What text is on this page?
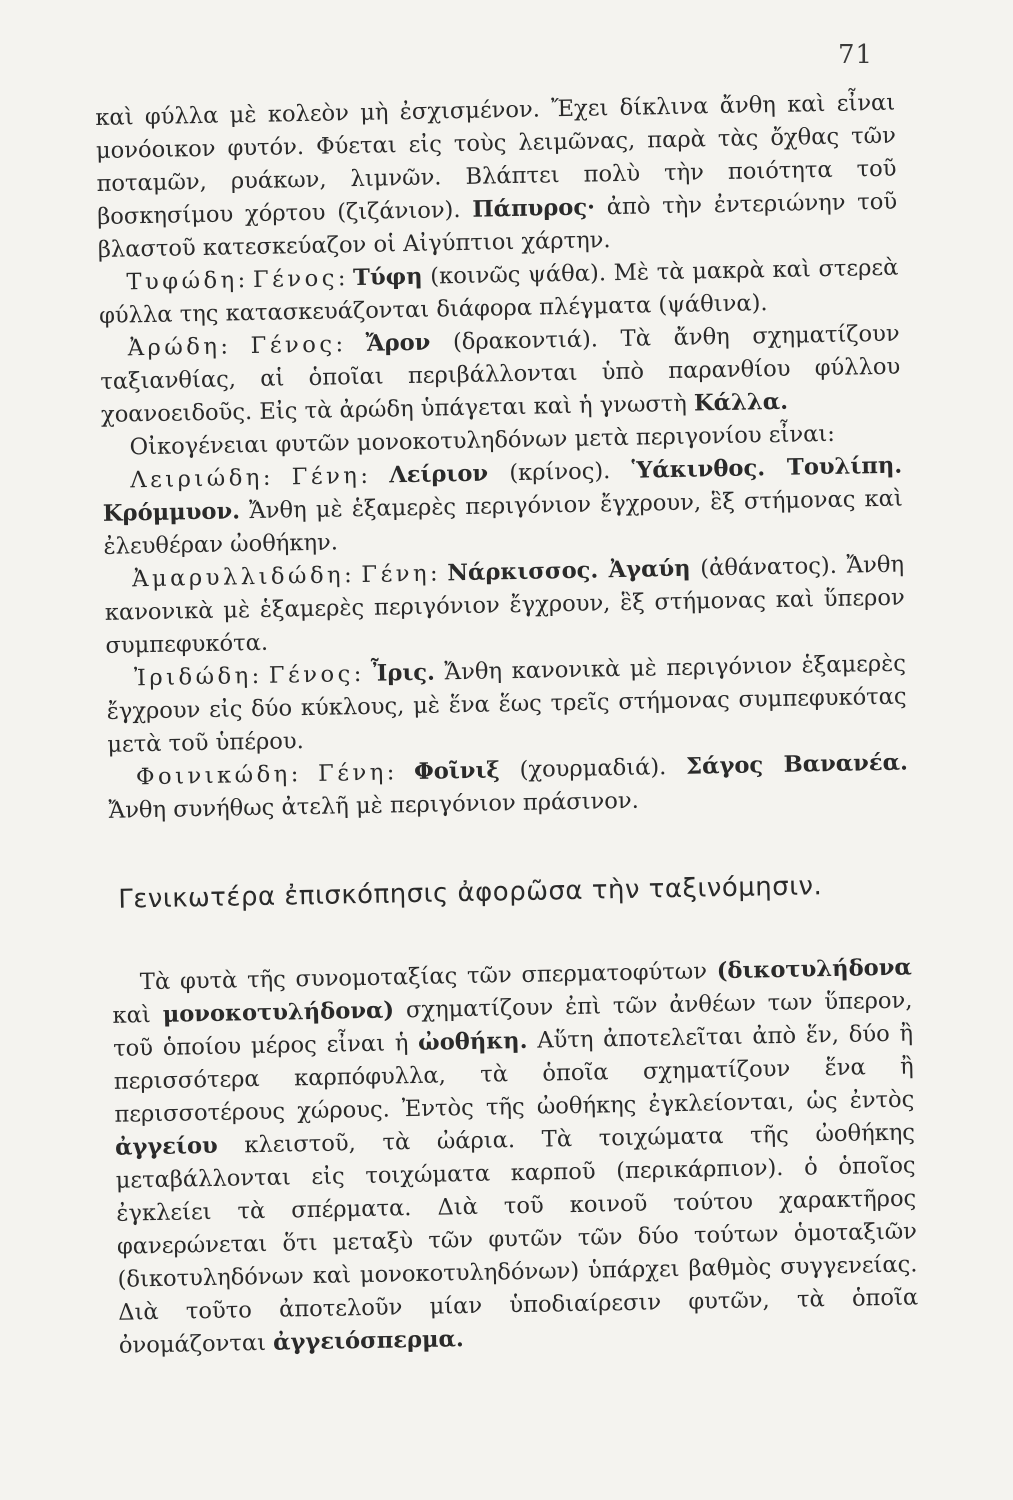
71

καὶ φύλλα μὲ κολεὸν μὴ ἐσχισμένον. Ἔχει δίκλινα ἄνθη καὶ εἶναι μονόοικον φυτόν. Φύεται εἰς τοὺς λειμῶνας, παρὰ τὰς ὄχθας τῶν ποταμῶν, ρυάκων, λιμνῶν. Βλάπτει πολὺ τὴν ποιότητα τοῦ βοσκησίμου χόρτου (ζιζάνιον). Πάπυρος· ἀπὸ τὴν ἐντεριώνην τοῦ βλαστοῦ κατεσκεύαζον οἱ Αἰγύπτιοι χάρτην.

Τυφώδη: Γένος: Τύφη (κοινῶς ψάθα). Μὲ τὰ μακρὰ καὶ στερεὰ φύλλα της κατασκευάζονται διάφορα πλέγματα (ψάθινα).

Ἀρώδη: Γένος: Ἄρον (δρακοντιά). Τὰ ἄνθη σχηματίζουν ταξιανθίας, αἱ ὁποῖαι περιβάλλονται ὑπὸ παρανθίου φύλλου χοανοειδοῦς. Εἰς τὰ ἀρώδη ὑπάγεται καὶ ἡ γνωστὴ Κάλλα.

Οἰκογένειαι φυτῶν μονοκοτυληδόνων μετὰ περιγονίου εἶναι:

Λειριώδη: Γένη: Λείριον (κρίνος). Ὑάκινθος. Τουλίπη. Κρόμμυον. Ἄνθη μὲ ἑξαμερὲς περιγόνιον ἔγχρουν, ἓξ στήμονας καὶ ἐλευθέραν ὠοθήκην.

Ἀμαρυλλιδώδη: Γένη: Νάρκισσος. Ἀγαύη (ἀθάνατος). Ἄνθη κανονικὰ μὲ ἑξαμερὲς περιγόνιον ἔγχρουν, ἓξ στήμονας καὶ ὕπερον συμπεφυκότα.

Ἰριδώδη: Γένος: Ἶρις. Ἄνθη κανονικὰ μὲ περιγόνιον ἑξαμερὲς ἔγχρουν εἰς δύο κύκλους, μὲ ἕνα ἕως τρεῖς στήμονας συμπεφυκότας μετὰ τοῦ ὑπέρου.

Φοινικώδη: Γένη: Φοῖνιξ (χουρμαδιά). Σάγος Βανανέα. Ἄνθη συνήθως ἀτελῆ μὲ περιγόνιον πράσινον.

Γενικωτέρα ἐπισκόπησις ἀφορῶσα τὴν ταξινόμησιν.

Τὰ φυτὰ τῆς συνομοταξίας τῶν σπερματοφύτων (δικοτυλήδονα καὶ μονοκοτυλήδονα) σχηματίζουν ἐπὶ τῶν ἀνθέων των ὕπερον, τοῦ ὁποίου μέρος εἶναι ἡ ὠοθήκη. Αὕτη ἀποτελεῖται ἀπὸ ἕν, δύο ἢ περισσότερα καρπόφυλλα, τὰ ὁποῖα σχηματίζουν ἕνα ἢ περισσοτέρους χώρους. Ἐντὸς τῆς ὠοθήκης ἐγκλείονται, ὡς ἐντὸς ἀγγείου κλειστοῦ, τὰ ὠάρια. Τὰ τοιχώματα τῆς ὠοθήκης μεταβάλλονται εἰς τοιχώματα καρποῦ (περικάρπιον). ὁ ὁποῖος ἐγκλείει τὰ σπέρματα. Διὰ τοῦ κοινοῦ τούτου χαρακτῆρος φανερώνεται ὅτι μεταξὺ τῶν φυτῶν τῶν δύο τούτων ὁμοταξιῶν (δικοτυληδόνων καὶ μονοκοτυληδόνων) ὑπάρχει βαθμὸς συγγενείας. Διὰ τοῦτο ἀποτελοῦν μίαν ὑποδιαίρεσιν φυτῶν, τὰ ὁποῖα ὀνομάζονται ἀγγειόσπερμα.
